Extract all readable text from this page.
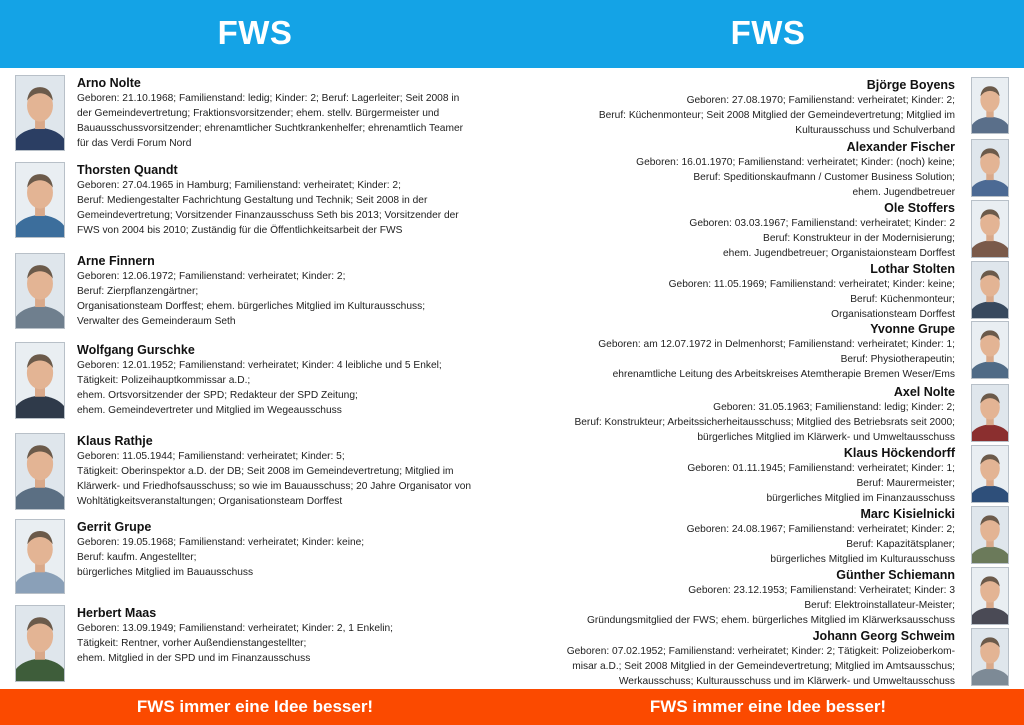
FWS	FWS
Arno Nolte
Geboren: 21.10.1968; Familienstand: ledig; Kinder: 2; Beruf: Lagerleiter; Seit 2008 in
der Gemeindevertretung; Fraktionsvorsitzender; ehem. stellv. Bürgermeister und
Bauausschussvorsitzender; ehrenamtlicher Suchtkrankenhelfer; ehrenamtlich Teamer
für das Verdi Forum Nord
Thorsten Quandt
Geboren: 27.04.1965 in Hamburg; Familienstand: verheiratet; Kinder: 2;
Beruf: Mediengestalter Fachrichtung Gestaltung und Technik; Seit 2008 in der
Gemeindevertretung; Vorsitzender Finanzausschuss Seth bis 2013; Vorsitzender der
FWS von 2004 bis 2010; Zuständig für die Öffentlichkeitsarbeit der FWS
Arne Finnern
Geboren: 12.06.1972; Familienstand: verheiratet; Kinder: 2;
Beruf: Zierpflanzengärtner;
Organisationsteam Dorffest; ehem. bürgerliches Mitglied im Kulturausschuss;
Verwalter des Gemeinderaum Seth
Wolfgang Gurschke
Geboren: 12.01.1952; Familienstand: verheiratet; Kinder: 4 leibliche und 5 Enkel;
Tätigkeit: Polizeihauptkommissar a.D.;
ehem. Ortsvorsitzender der SPD; Redakteur der SPD Zeitung;
ehem. Gemeindevertreter und Mitglied im Wegeausschuss
Klaus Rathje
Geboren: 11.05.1944; Familienstand: verheiratet; Kinder: 5;
Tätigkeit: Oberinspektor a.D. der DB; Seit 2008 im Gemeindevertretung; Mitglied im
Klärwerk- und Friedhofsausschuss; so wie im Bauausschuss; 20 Jahre Organisator von
Wohltätigkeitsveranstaltungen; Organisationsteam Dorffest
Gerrit Grupe
Geboren: 19.05.1968; Familienstand: verheiratet; Kinder: keine;
Beruf: kaufm. Angestellter;
bürgerliches Mitglied im Bauausschuss
Herbert Maas
Geboren: 13.09.1949; Familienstand: verheiratet; Kinder: 2, 1 Enkelin;
Tätigkeit: Rentner, vorher Außendienstangestellter;
ehem. Mitglied in der SPD und im Finanzausschuss
Björge Boyens
Geboren: 27.08.1970; Familienstand: verheiratet; Kinder: 2;
Beruf: Küchenmonteur; Seit 2008 Mitglied der Gemeindevertretung; Mitglied im
Kulturausschuss und Schulverband
Alexander Fischer
Geboren: 16.01.1970; Familienstand: verheiratet; Kinder: (noch) keine;
Beruf: Speditionskaufmann / Customer Business Solution;
ehem. Jugendbetreuer
Ole Stoffers
Geboren: 03.03.1967; Familienstand: verheiratet; Kinder: 2
Beruf: Konstrukteur in der Modernisierung;
ehem. Jugendbetreuer; Organistaionsteam Dorffest
Lothar Stolten
Geboren: 11.05.1969; Familienstand: verheiratet; Kinder: keine;
Beruf: Küchenmonteur;
Organisationsteam Dorffest
Yvonne Grupe
Geboren: am 12.07.1972 in Delmenhorst; Familienstand: verheiratet; Kinder: 1;
Beruf: Physiotherapeutin;
ehrenamtliche Leitung des Arbeitskreises Atemtherapie Bremen Weser/Ems
Axel Nolte
Geboren: 31.05.1963; Familienstand: ledig; Kinder: 2;
Beruf: Konstrukteur; Arbeitssicherheitausschuss; Mitglied des Betriebsrats seit 2000;
bürgerliches Mitglied im Klärwerk- und Umweltausschuss
Klaus Höckendorff
Geboren: 01.11.1945; Familienstand: verheiratet; Kinder: 1;
Beruf: Maurermeister;
bürgerliches Mitglied im Finanzausschuss
Marc Kisielnicki
Geboren: 24.08.1967; Familienstand: verheiratet; Kinder: 2;
Beruf: Kapazitätsplaner;
bürgerliches Mitglied im Kulturausschuss
Günther Schiemann
Geboren: 23.12.1953; Familienstand: Verheiratet; Kinder: 3
Beruf: Elektroinstallateur-Meister;
Gründungsmitglied der FWS; ehem. bürgerliches Mitglied im Klärwerksausschuss
Johann Georg Schweim
Geboren: 07.02.1952; Familienstand: verheiratet; Kinder: 2; Tätigkeit: Polizeioberkom-
misar a.D.; Seit 2008 Mitglied in der Gemeindevertretung; Mitglied im Amtsausschus;
Werkausschuss; Kulturausschuss und im Klärwerk- und Umweltausschuss
FWS immer eine Idee besser!	FWS immer eine Idee besser!
